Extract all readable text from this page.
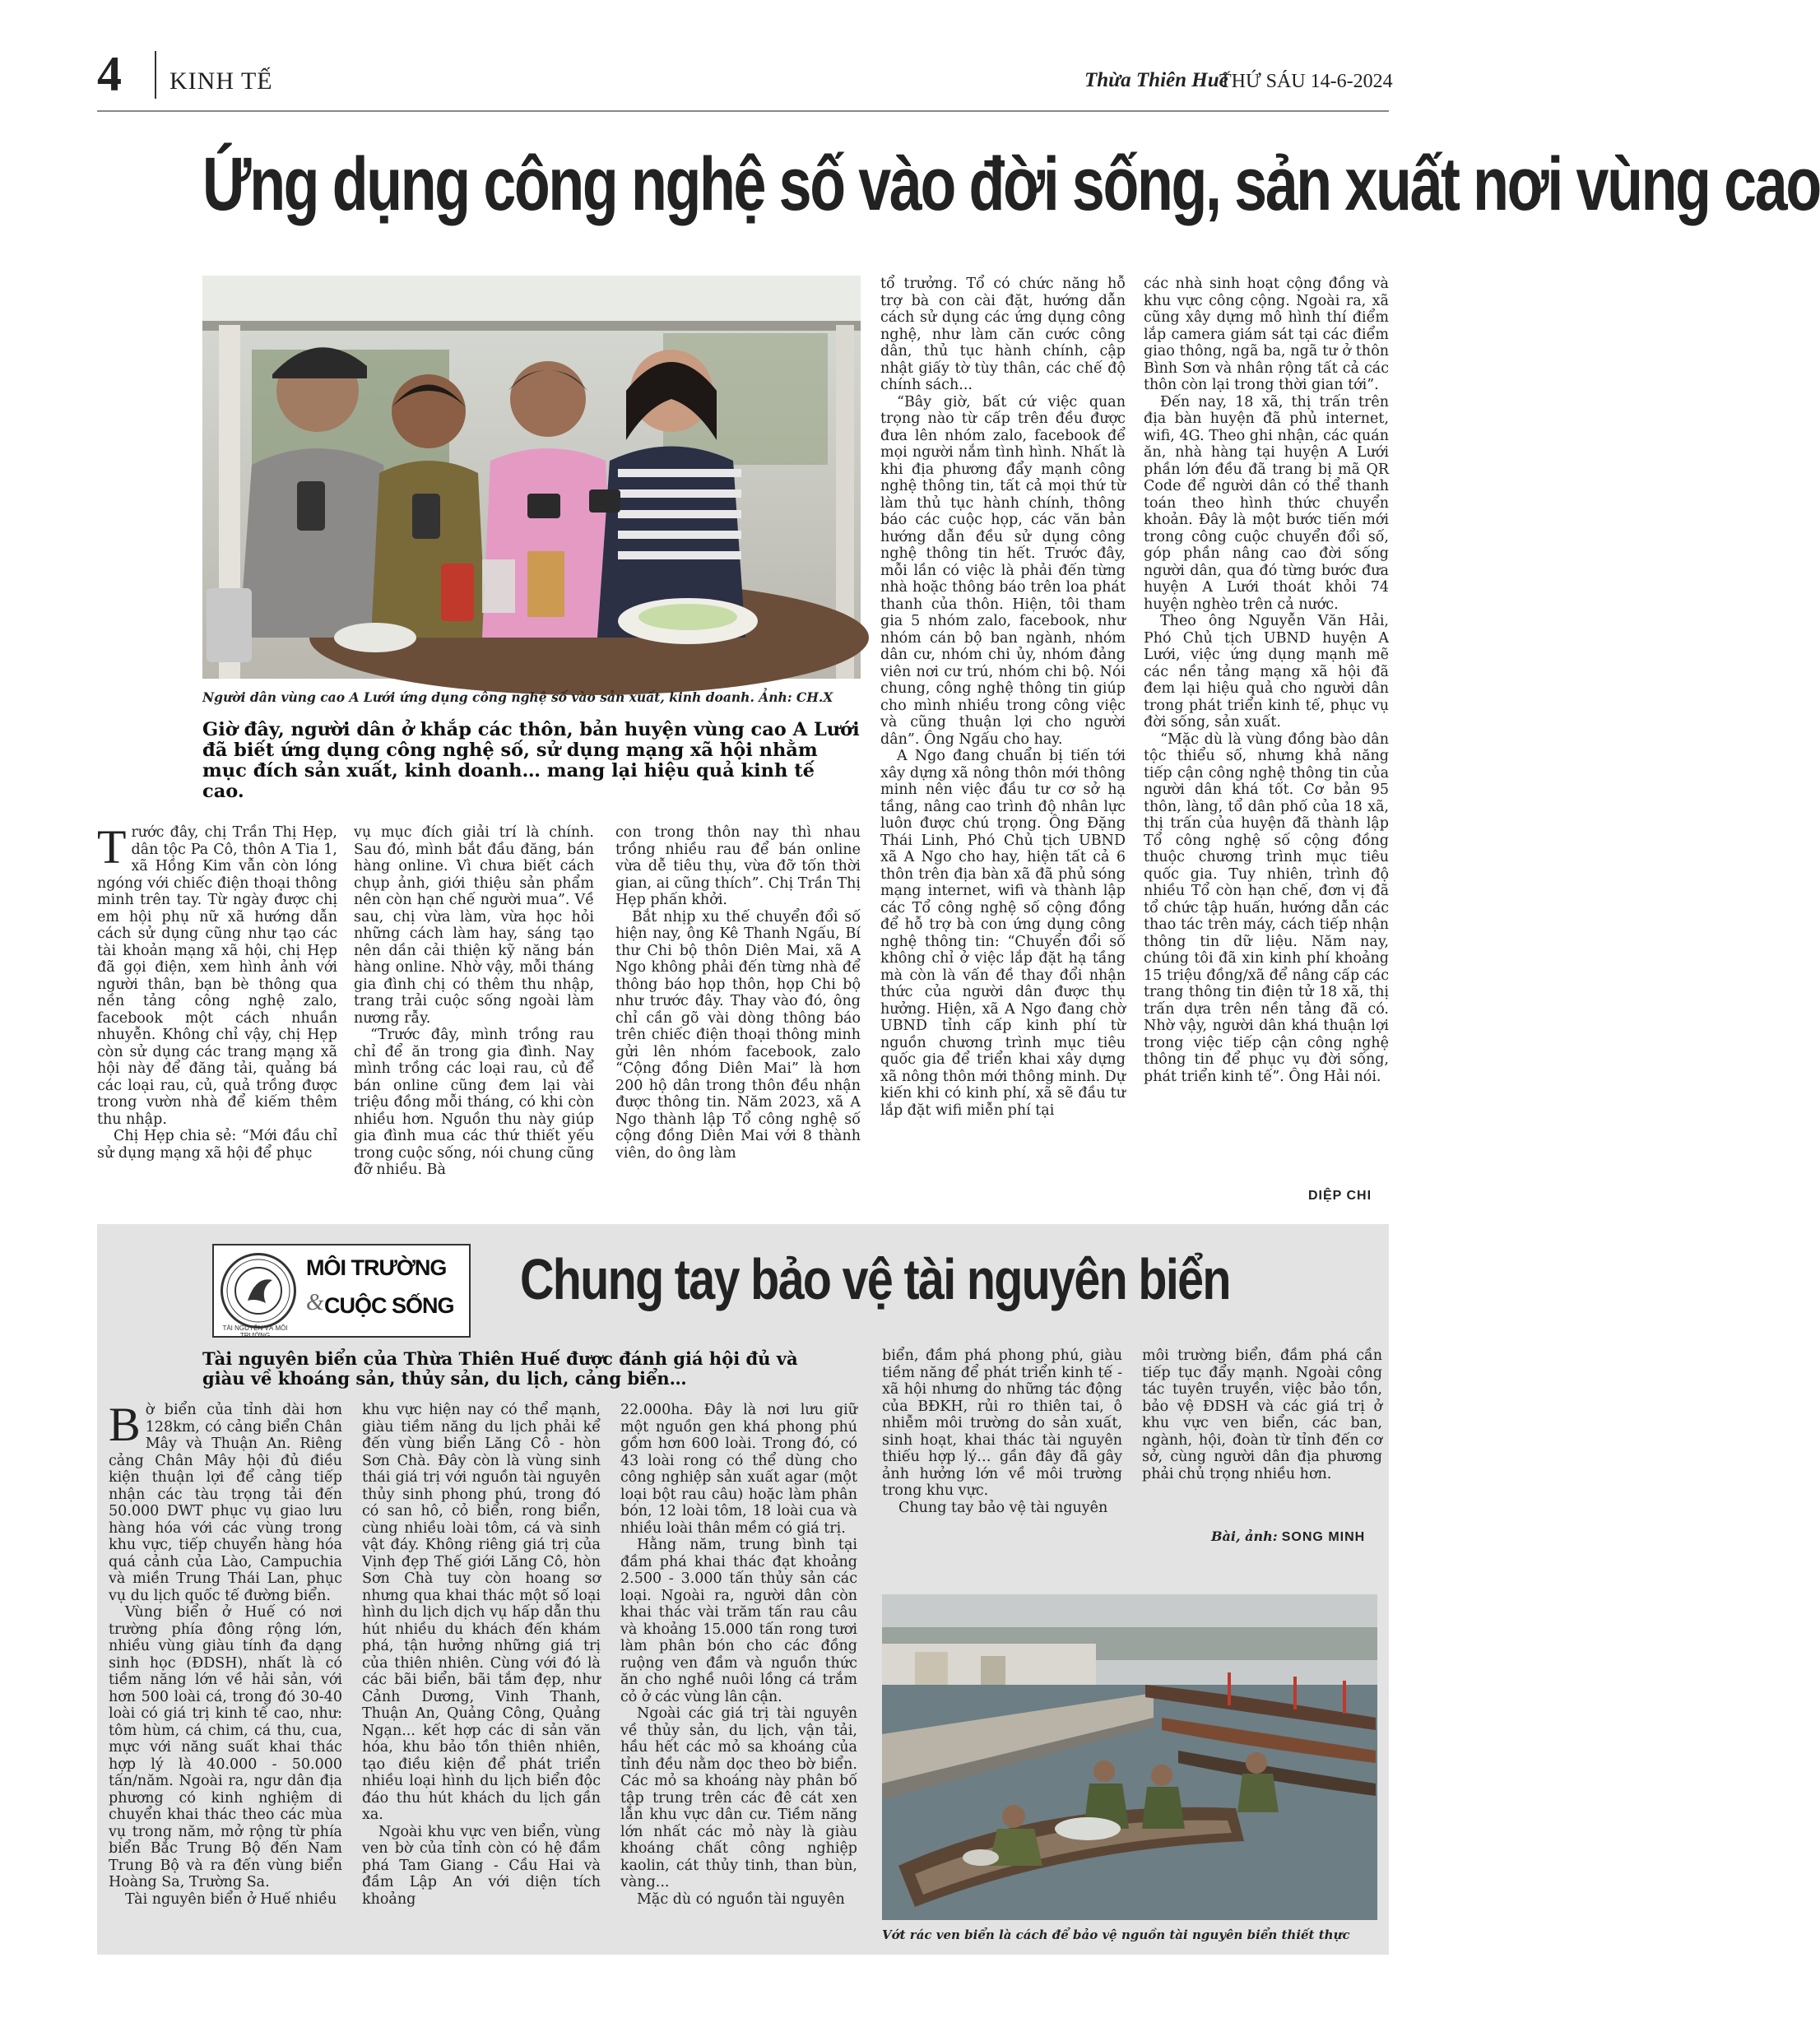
4 KINH TẾ	Thừa Thiên Huế
THỨ SÁU 14-6-2024
Ứng dụng công nghệ số vào đời sống, sản xuất nơi vùng cao
Người dân vùng cao A Lưới ứng dụng công nghệ số vào sản xuất, kinh doanh. Ảnh: CH.X
Giờ đây, người dân ở khắp các thôn, bản huyện vùng cao A Lưới đã biết ứng dụng công nghệ số, sử dụng mạng xã hội nhằm mục đích sản xuất, kinh doanh… mang lại hiệu quả kinh tế cao.

Trước đây, chị Trần Thị Hẹp, dân tộc Pa Cô, thôn A Tia 1, xã Hồng Kim vẫn còn lóng ngóng với chiếc điện thoại thông minh trên tay. Từ ngày được chị em hội phụ nữ xã hướng dẫn cách sử dụng cũng như tạo các tài khoản mạng xã hội, chị Hẹp đã gọi điện, xem hình ảnh với người thân, bạn bè thông qua nền tảng công nghệ zalo, facebook một cách nhuần nhuyễn. Không chỉ vậy, chị Hẹp còn sử dụng các trang mạng xã hội này để đăng tải, quảng bá các loại rau, củ, quả trồng được trong vườn nhà để kiếm thêm thu nhập.

Chị Hẹp chia sẻ: “Mới đầu chỉ sử dụng mạng xã hội để phục

vụ mục đích giải trí là chính. Sau đó, mình bắt đầu đăng, bán hàng online. Vì chưa biết cách chụp ảnh, giới thiệu sản phẩm nên còn hạn chế người mua”. Về sau, chị vừa làm, vừa học hỏi những cách làm hay, sáng tạo nên dần cải thiện kỹ năng bán hàng online. Nhờ vậy, mỗi tháng gia đình chị có thêm thu nhập, trang trải cuộc sống ngoài làm nương rẫy.

“Trước đây, mình trồng rau chỉ để ăn trong gia đình. Nay mình trồng các loại rau, củ để bán online cũng đem lại vài triệu đồng mỗi tháng, có khi còn nhiều hơn. Nguồn thu này giúp gia đình mua các thứ thiết yếu trong cuộc sống, nói chung cũng đỡ nhiều. Bà

con trong thôn nay thì nhau trồng nhiều rau để bán online vừa dễ tiêu thụ, vừa đỡ tốn thời gian, ai cũng thích”. Chị Trần Thị Hẹp phấn khởi.

Bắt nhịp xu thế chuyển đổi số hiện nay, ông Kê Thanh Ngấu, Bí thư Chi bộ thôn Diên Mai, xã A Ngo không phải đến từng nhà để thông báo họp thôn, họp Chi bộ như trước đây. Thay vào đó, ông chỉ cần gõ vài dòng thông báo trên chiếc điện thoại thông minh gửi lên nhóm facebook, zalo “Cộng đồng Diên Mai” là hơn 200 hộ dân trong thôn đều nhận được thông tin. Năm 2023, xã A Ngo thành lập Tổ công nghệ số cộng đồng Diên Mai với 8 thành viên, do ông làm

tổ trưởng. Tổ có chức năng hỗ trợ bà con cài đặt, hướng dẫn cách sử dụng các ứng dụng công nghệ, như làm căn cước công dân, thủ tục hành chính, cập nhật giấy tờ tùy thân, các chế độ chính sách...

“Bây giờ, bất cứ việc quan trọng nào từ cấp trên đều được đưa lên nhóm zalo, facebook để mọi người nắm tình hình. Nhất là khi địa phương đẩy mạnh công nghệ thông tin, tất cả mọi thứ từ làm thủ tục hành chính, thông báo các cuộc họp, các văn bản hướng dẫn đều sử dụng công nghệ thông tin hết. Trước đây, mỗi lần có việc là phải đến từng nhà hoặc thông báo trên loa phát thanh của thôn. Hiện, tôi tham gia 5 nhóm zalo, facebook, như nhóm cán bộ ban ngành, nhóm dân cư, nhóm chi ủy, nhóm đảng viên nơi cư trú, nhóm chi bộ. Nói chung, công nghệ thông tin giúp cho mình nhiều trong công việc và cũng thuận lợi cho người dân”. Ông Ngấu cho hay.

A Ngo đang chuẩn bị tiến tới xây dựng xã nông thôn mới thông minh nên việc đầu tư cơ sở hạ tầng, nâng cao trình độ nhân lực luôn được chú trọng. Ông Đặng Thái Linh, Phó Chủ tịch UBND xã A Ngo cho hay, hiện tất cả 6 thôn trên địa bàn xã đã phủ sóng mạng internet, wifi và thành lập các Tổ công nghệ số cộng đồng để hỗ trợ bà con ứng dụng công nghệ thông tin: “Chuyển đổi số không chỉ ở việc lắp đặt hạ tầng mà còn là vấn đề thay đổi nhận thức của người dân được thụ hưởng. Hiện, xã A Ngo đang chờ UBND tỉnh cấp kinh phí từ nguồn chương trình mục tiêu quốc gia để triển khai xây dựng xã nông thôn mới thông minh. Dự kiến khi có kinh phí, xã sẽ đầu tư lắp đặt wifi miễn phí tại

các nhà sinh hoạt cộng đồng và khu vực công cộng. Ngoài ra, xã cũng xây dựng mô hình thí điểm lắp camera giám sát tại các điểm giao thông, ngã ba, ngã tư ở thôn Bình Sơn và nhân rộng tất cả các thôn còn lại trong thời gian tới”.

Đến nay, 18 xã, thị trấn trên địa bàn huyện đã phủ internet, wifi, 4G. Theo ghi nhận, các quán ăn, nhà hàng tại huyện A Lưới phần lớn đều đã trang bị mã QR Code để người dân có thể thanh toán theo hình thức chuyển khoản. Đây là một bước tiến mới trong công cuộc chuyển đổi số, góp phần nâng cao đời sống người dân, qua đó từng bước đưa huyện A Lưới thoát khỏi 74 huyện nghèo trên cả nước.

Theo ông Nguyễn Văn Hải, Phó Chủ tịch UBND huyện A Lưới, việc ứng dụng mạnh mẽ các nền tảng mạng xã hội đã đem lại hiệu quả cho người dân trong phát triển kinh tế, phục vụ đời sống, sản xuất.

“Mặc dù là vùng đồng bào dân tộc thiểu số, nhưng khả năng tiếp cận công nghệ thông tin của người dân khá tốt. Cơ bản 95 thôn, làng, tổ dân phố của 18 xã, thị trấn của huyện đã thành lập Tổ công nghệ số cộng đồng thuộc chương trình mục tiêu quốc gia. Tuy nhiên, trình độ nhiều Tổ còn hạn chế, đơn vị đã tổ chức tập huấn, hướng dẫn các thao tác trên máy, cách tiếp nhận thông tin dữ liệu. Năm nay, chúng tôi đã xin kinh phí khoảng 15 triệu đồng/xã để nâng cấp các trang thông tin điện tử 18 xã, thị trấn dựa trên nền tảng đã có. Nhờ vậy, người dân khá thuận lợi trong việc tiếp cận công nghệ thông tin để phục vụ đời sống, phát triển kinh tế”. Ông Hải nói.

DIỆP CHI
TÀI NGUYÊN VÀ MÔI TRƯỜNG
MÔI TRƯỜNG
& CUỘC SỐNG Chung tay bảo vệ tài nguyên biển
Tài nguyên biển của Thừa Thiên Huế được đánh giá hội đủ và giàu về khoáng sản, thủy sản, du lịch, cảng biển…

Bờ biển của tỉnh dài hơn 128km, có cảng biển Chân Mây và Thuận An. Riêng cảng Chân Mây hội đủ điều kiện thuận lợi để cảng tiếp nhận các tàu trọng tải đến 50.000 DWT phục vụ giao lưu hàng hóa với các vùng trong khu vực, tiếp chuyển hàng hóa quá cảnh của Lào, Campuchia và miền Trung Thái Lan, phục vụ du lịch quốc tế đường biển.

Vùng biển ở Huế có nơi trường phía đông rộng lớn, nhiều vùng giàu tính đa dạng sinh học (ĐDSH), nhất là có tiềm năng lớn về hải sản, với hơn 500 loài cá, trong đó 30-40 loài có giá trị kinh tế cao, như: tôm hùm, cá chim, cá thu, cua, mực với năng suất khai thác hợp lý là 40.000 - 50.000 tấn/năm. Ngoài ra, ngư dân địa phương có kinh nghiệm di chuyển khai thác theo các mùa vụ trong năm, mở rộng từ phía biển Bắc Trung Bộ đến Nam Trung Bộ và ra đến vùng biển Hoàng Sa, Trường Sa.

Tài nguyên biển ở Huế nhiều

khu vực hiện nay có thể mạnh, giàu tiềm năng du lịch phải kể đến vùng biển Lăng Cô - hòn Sơn Chà. Đây còn là vùng sinh thái giá trị với nguồn tài nguyên thủy sinh phong phú, trong đó có san hô, cỏ biển, rong biển, cùng nhiều loài tôm, cá và sinh vật đáy. Không riêng giá trị của Vịnh đẹp Thế giới Lăng Cô, hòn Sơn Chà tuy còn hoang sơ nhưng qua khai thác một số loại hình du lịch dịch vụ hấp dẫn thu hút nhiều du khách đến khám phá, tận hưởng những giá trị của thiên nhiên. Cùng với đó là các bãi biển, bãi tắm đẹp, như Cảnh Dương, Vinh Thanh, Thuận An, Quảng Công, Quảng Ngạn... kết hợp các di sản văn hóa, khu bảo tồn thiên nhiên, tạo điều kiện để phát triển nhiều loại hình du lịch biển độc đáo thu hút khách du lịch gần xa.

Ngoài khu vực ven biển, vùng ven bờ của tỉnh còn có hệ đầm phá Tam Giang - Cầu Hai và đầm Lập An với diện tích khoảng

22.000ha. Đây là nơi lưu giữ một nguồn gen khá phong phú gồm hơn 600 loài. Trong đó, có 43 loài rong có thể dùng cho công nghiệp sản xuất agar (một loại bột rau câu) hoặc làm phân bón, 12 loài tôm, 18 loài cua và nhiều loài thân mềm có giá trị.

Hằng năm, trung bình tại đầm phá khai thác đạt khoảng 2.500 - 3.000 tấn thủy sản các loại. Ngoài ra, người dân còn khai thác vài trăm tấn rau câu và khoảng 15.000 tấn rong tươi làm phân bón cho các đồng ruộng ven đầm và nguồn thức ăn cho nghề nuôi lồng cá trắm cỏ ở các vùng lân cận.

Ngoài các giá trị tài nguyên về thủy sản, du lịch, vận tải, hầu hết các mỏ sa khoáng của tỉnh đều nằm dọc theo bờ biển. Các mỏ sa khoáng này phân bố tập trung trên các đê cát xen lẫn khu vực dân cư. Tiềm năng lớn nhất các mỏ này là giàu khoáng chất công nghiệp kaolin, cát thủy tinh, than bùn, vàng...

Mặc dù có nguồn tài nguyên

biển, đầm phá phong phú, giàu tiềm năng để phát triển kinh tế - xã hội nhưng do những tác động của BĐKH, rủi ro thiên tai, ô nhiễm môi trường do sản xuất, sinh hoạt, khai thác tài nguyên thiếu hợp lý… gần đây đã gây ảnh hưởng lớn về môi trường trong khu vực.

Chung tay bảo vệ tài nguyên

môi trường biển, đầm phá cần tiếp tục đẩy mạnh. Ngoài công tác tuyên truyền, việc bảo tồn, bảo vệ ĐDSH và các giá trị ở khu vực ven biển, các ban, ngành, hội, đoàn từ tỉnh đến cơ sở, cùng người dân địa phương phải chủ trọng nhiều hơn.

Bài, ảnh: SONG MINH
Vớt rác ven biển là cách để bảo vệ nguồn tài nguyên biển thiết thực
